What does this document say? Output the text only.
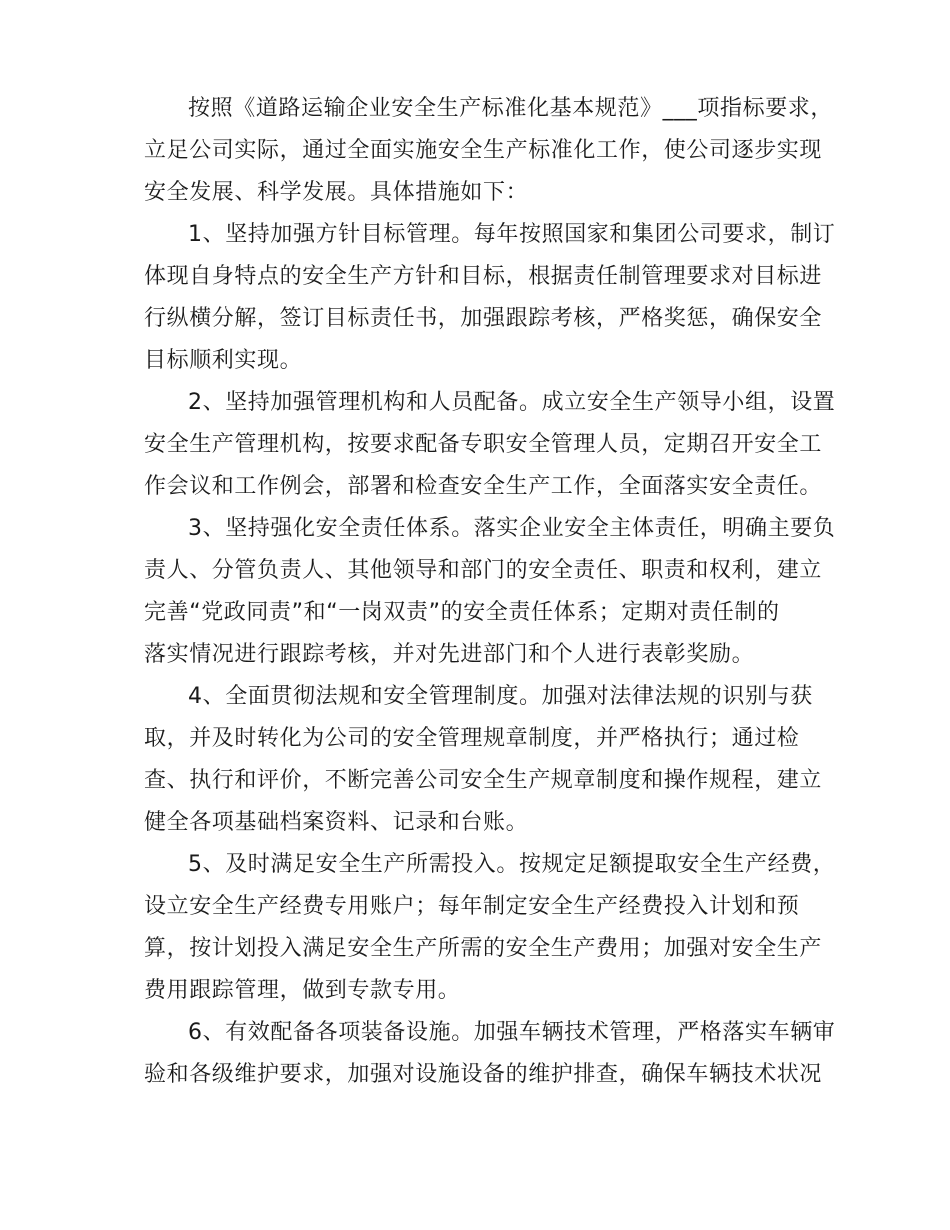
按照《道路运输企业安全生产标准化基本规范》___项指标要求，
立足公司实际，通过全面实施安全生产标准化工作，使公司逐步实现
安全发展、科学发展。具体措施如下：

1、坚持加强方针目标管理。每年按照国家和集团公司要求，制订
体现自身特点的安全生产方针和目标，根据责任制管理要求对目标进
行纵横分解，签订目标责任书，加强跟踪考核，严格奖惩，确保安全
目标顺利实现。

2、坚持加强管理机构和人员配备。成立安全生产领导小组，设置
安全生产管理机构，按要求配备专职安全管理人员，定期召开安全工
作会议和工作例会，部署和检查安全生产工作，全面落实安全责任。

3、坚持强化安全责任体系。落实企业安全主体责任，明确主要负
责人、分管负责人、其他领导和部门的安全责任、职责和权利，建立
完善“党政同责”和“一岗双责”的安全责任体系；定期对责任制的
落实情况进行跟踪考核，并对先进部门和个人进行表彰奖励。

4、全面贯彻法规和安全管理制度。加强对法律法规的识别与获
取，并及时转化为公司的安全管理规章制度，并严格执行；通过检
查、执行和评价，不断完善公司安全生产规章制度和操作规程，建立
健全各项基础档案资料、记录和台账。

5、及时满足安全生产所需投入。按规定足额提取安全生产经费，
设立安全生产经费专用账户；每年制定安全生产经费投入计划和预
算，按计划投入满足安全生产所需的安全生产费用；加强对安全生产
费用跟踪管理，做到专款专用。

6、有效配备各项装备设施。加强车辆技术管理，严格落实车辆审
验和各级维护要求，加强对设施设备的维护排查，确保车辆技术状况
